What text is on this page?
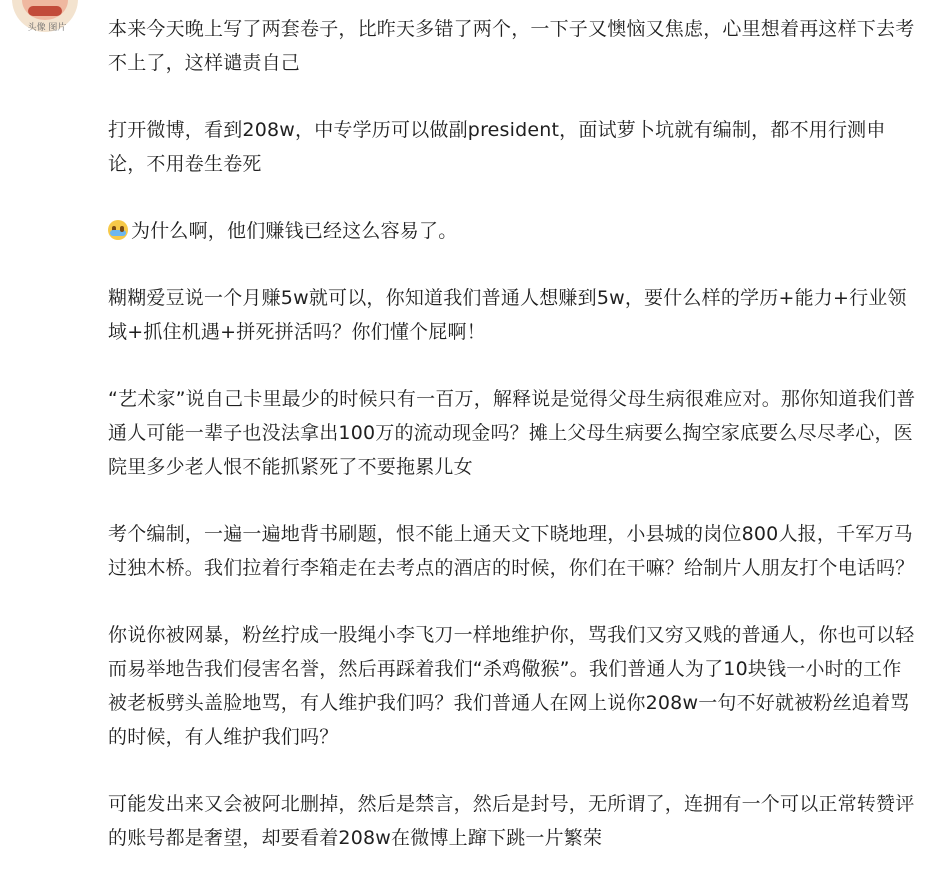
头像 图片	本来今天晚上写了两套卷子，比昨天多错了两个，一下子又懊恼又焦虑，心里想着再这样下去考不上了，这样谴责自己

打开微博，看到208w，中专学历可以做副president，面试萝卜坑就有编制，都不用行测申论，不用卷生卷死

为什么啊，他们赚钱已经这么容易了。

糊糊爱豆说一个月赚5w就可以，你知道我们普通人想赚到5w，要什么样的学历+能力+行业领域+抓住机遇+拼死拼活吗？你们懂个屁啊！

“艺术家”说自己卡里最少的时候只有一百万，解释说是觉得父母生病很难应对。那你知道我们普通人可能一辈子也没法拿出100万的流动现金吗？摊上父母生病要么掏空家底要么尽尽孝心，医院里多少老人恨不能抓紧死了不要拖累儿女

考个编制，一遍一遍地背书刷题，恨不能上通天文下晓地理，小县城的岗位800人报，千军万马过独木桥。我们拉着行李箱走在去考点的酒店的时候，你们在干嘛？给制片人朋友打个电话吗？

你说你被网暴，粉丝拧成一股绳小李飞刀一样地维护你，骂我们又穷又贱的普通人，你也可以轻而易举地告我们侵害名誉，然后再踩着我们“杀鸡儆猴”。我们普通人为了10块钱一小时的工作被老板劈头盖脸地骂，有人维护我们吗？我们普通人在网上说你208w一句不好就被粉丝追着骂的时候，有人维护我们吗？

可能发出来又会被阿北删掉，然后是禁言，然后是封号，无所谓了，连拥有一个可以正常转赞评的账号都是奢望，却要看着208w在微博上蹿下跳一片繁荣
